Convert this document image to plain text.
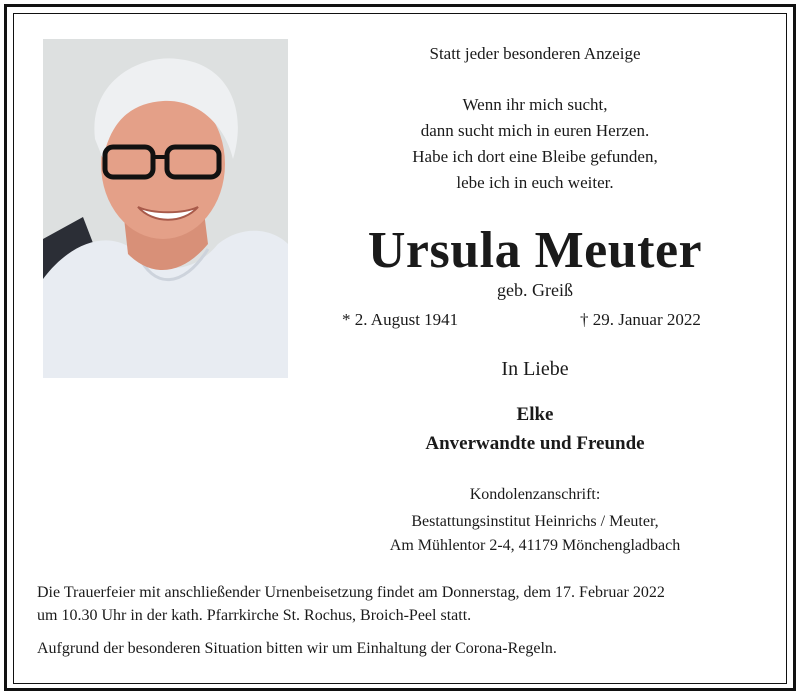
Statt jeder besonderen Anzeige
Wenn ihr mich sucht,
dann sucht mich in euren Herzen.
Habe ich dort eine Bleibe gefunden,
lebe ich in euch weiter.
Ursula Meuter
geb. Greiß
* 2. August 1941	† 29. Januar 2022
In Liebe
Elke
Anverwandte und Freunde
Kondolenzanschrift:
Bestattungsinstitut Heinrichs / Meuter,
Am Mühlentor 2-4, 41179 Mönchengladbach
Die Trauerfeier mit anschließender Urnenbeisetzung findet am Donnerstag, dem 17. Februar 2022
um 10.30 Uhr in der kath. Pfarrkirche St. Rochus, Broich-Peel statt.
Aufgrund der besonderen Situation bitten wir um Einhaltung der Corona-Regeln.
